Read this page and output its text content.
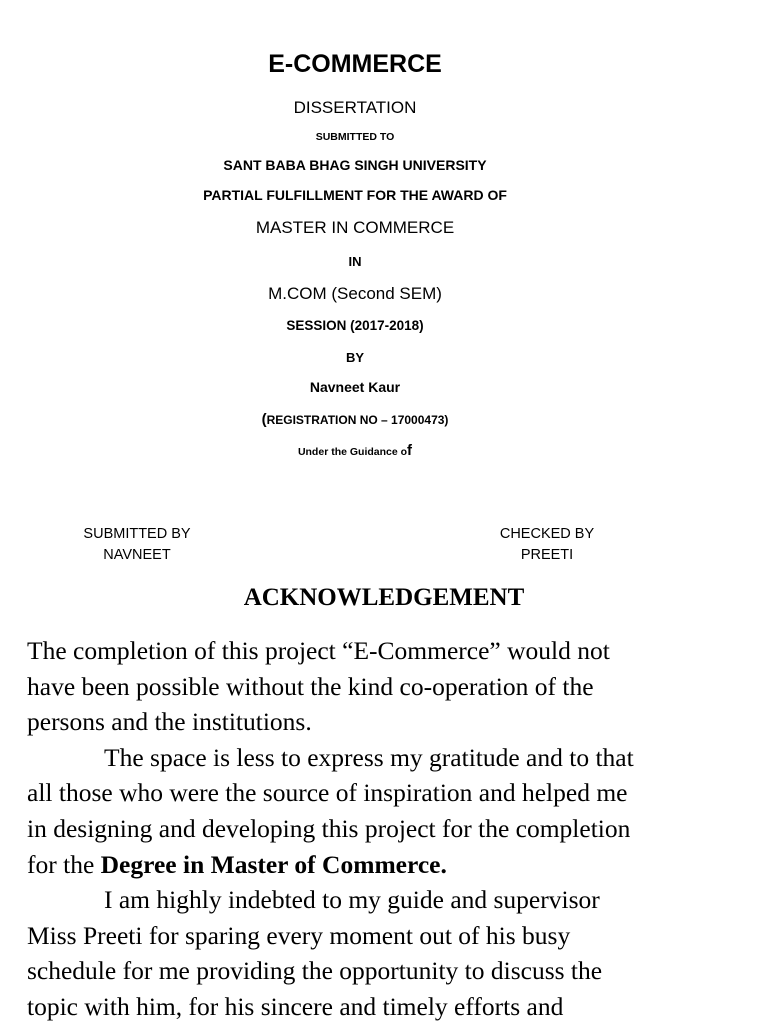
E-COMMERCE
DISSERTATION
SUBMITTED TO
SANT BABA BHAG SINGH UNIVERSITY
PARTIAL FULFILLMENT FOR THE AWARD OF
MASTER IN COMMERCE
IN
M.COM (Second SEM)
SESSION (2017-2018)
BY
Navneet Kaur
(REGISTRATION NO – 17000473)
Under the Guidance of
SUBMITTED BY
NAVNEET
CHECKED BY
PREETI
ACKNOWLEDGEMENT
The completion of this project “E-Commerce” would not
have been possible without the kind co-operation of the
persons and the institutions.
The space is less to express my gratitude and to that
all those who were the source of inspiration and helped me
in designing and developing this project for the completion
for the Degree in Master of Commerce.
I am highly indebted to my guide and supervisor
Miss Preeti for sparing every moment out of his busy
schedule for me providing the opportunity to discuss the
topic with him, for his sincere and timely efforts and
